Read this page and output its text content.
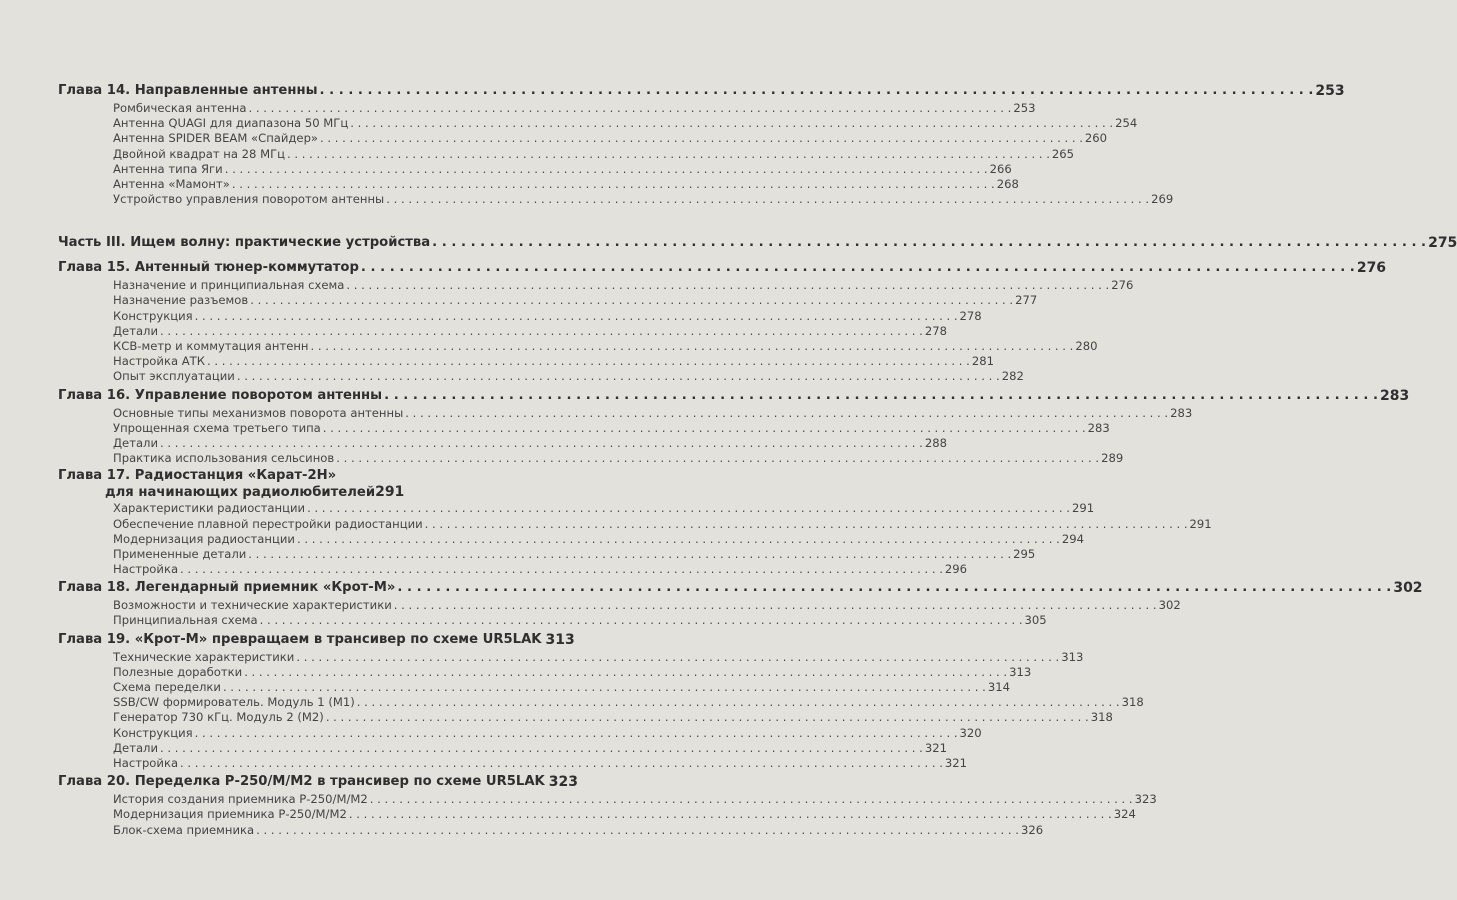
Глава 14. Направленные антенны . . .	253
Ромбическая антенна . . .	253
Антенна QUAGI для диапазона 50 МГц . . .	254
Антенна SPIDER BEAM «Спайдер» . . .	260
Двойной квадрат на 28 МГц . . .	265
Антенна типа Яги . . .	266
Антенна «Мамонт» . . .	268
Устройство управления поворотом антенны . . .	269
Часть III. Ищем волну: практические устройства . . .	275
Глава 15. Антенный тюнер-коммутатор . . .	276
Назначение и принципиальная схема . . .	276
Назначение разъемов . . .	277
Конструкция . . .	278
Детали . . .	278
КСВ-метр и коммутация антенн . . .	280
Настройка АТК . . .	281
Опыт эксплуатации . . .	282
Глава 16. Управление поворотом антенны . . .	283
Основные типы механизмов поворота антенны . . .	283
Упрощенная схема третьего типа . . .	283
Детали . . .	288
Практика использования сельсинов . . .	289
Глава 17. Радиостанция «Карат-2Н»
для начинающих радиолюбителей 291
Характеристики радиостанции . . .	291
Обеспечение плавной перестройки радиостанции . . .	291
Модернизация радиостанции . . .	294
Примененные детали . . .	295
Настройка . . .	296
Глава 18. Легендарный приемник «Крот-М» . . .	302
Возможности и технические характеристики . . .	302
Принципиальная схема . . .	305
Глава 19. «Крот-М» превращаем в трансивер по схеме UR5LAK 313
Технические характеристики . . .	313
Полезные доработки . . .	313
Схема переделки . . .	314
SSB/CW формирователь. Модуль 1 (М1) . . .	318
Генератор 730 кГц. Модуль 2 (М2) . . .	318
Конструкция . . .	320
Детали . . .	321
Настройка . . .	321
Глава 20. Переделка Р-250/М/М2 в трансивер по схеме UR5LAK 323
История создания приемника Р-250/М/М2 . . .	323
Модернизация приемника Р-250/М/М2 . . .	324
Блок-схема приемника . . .	326
